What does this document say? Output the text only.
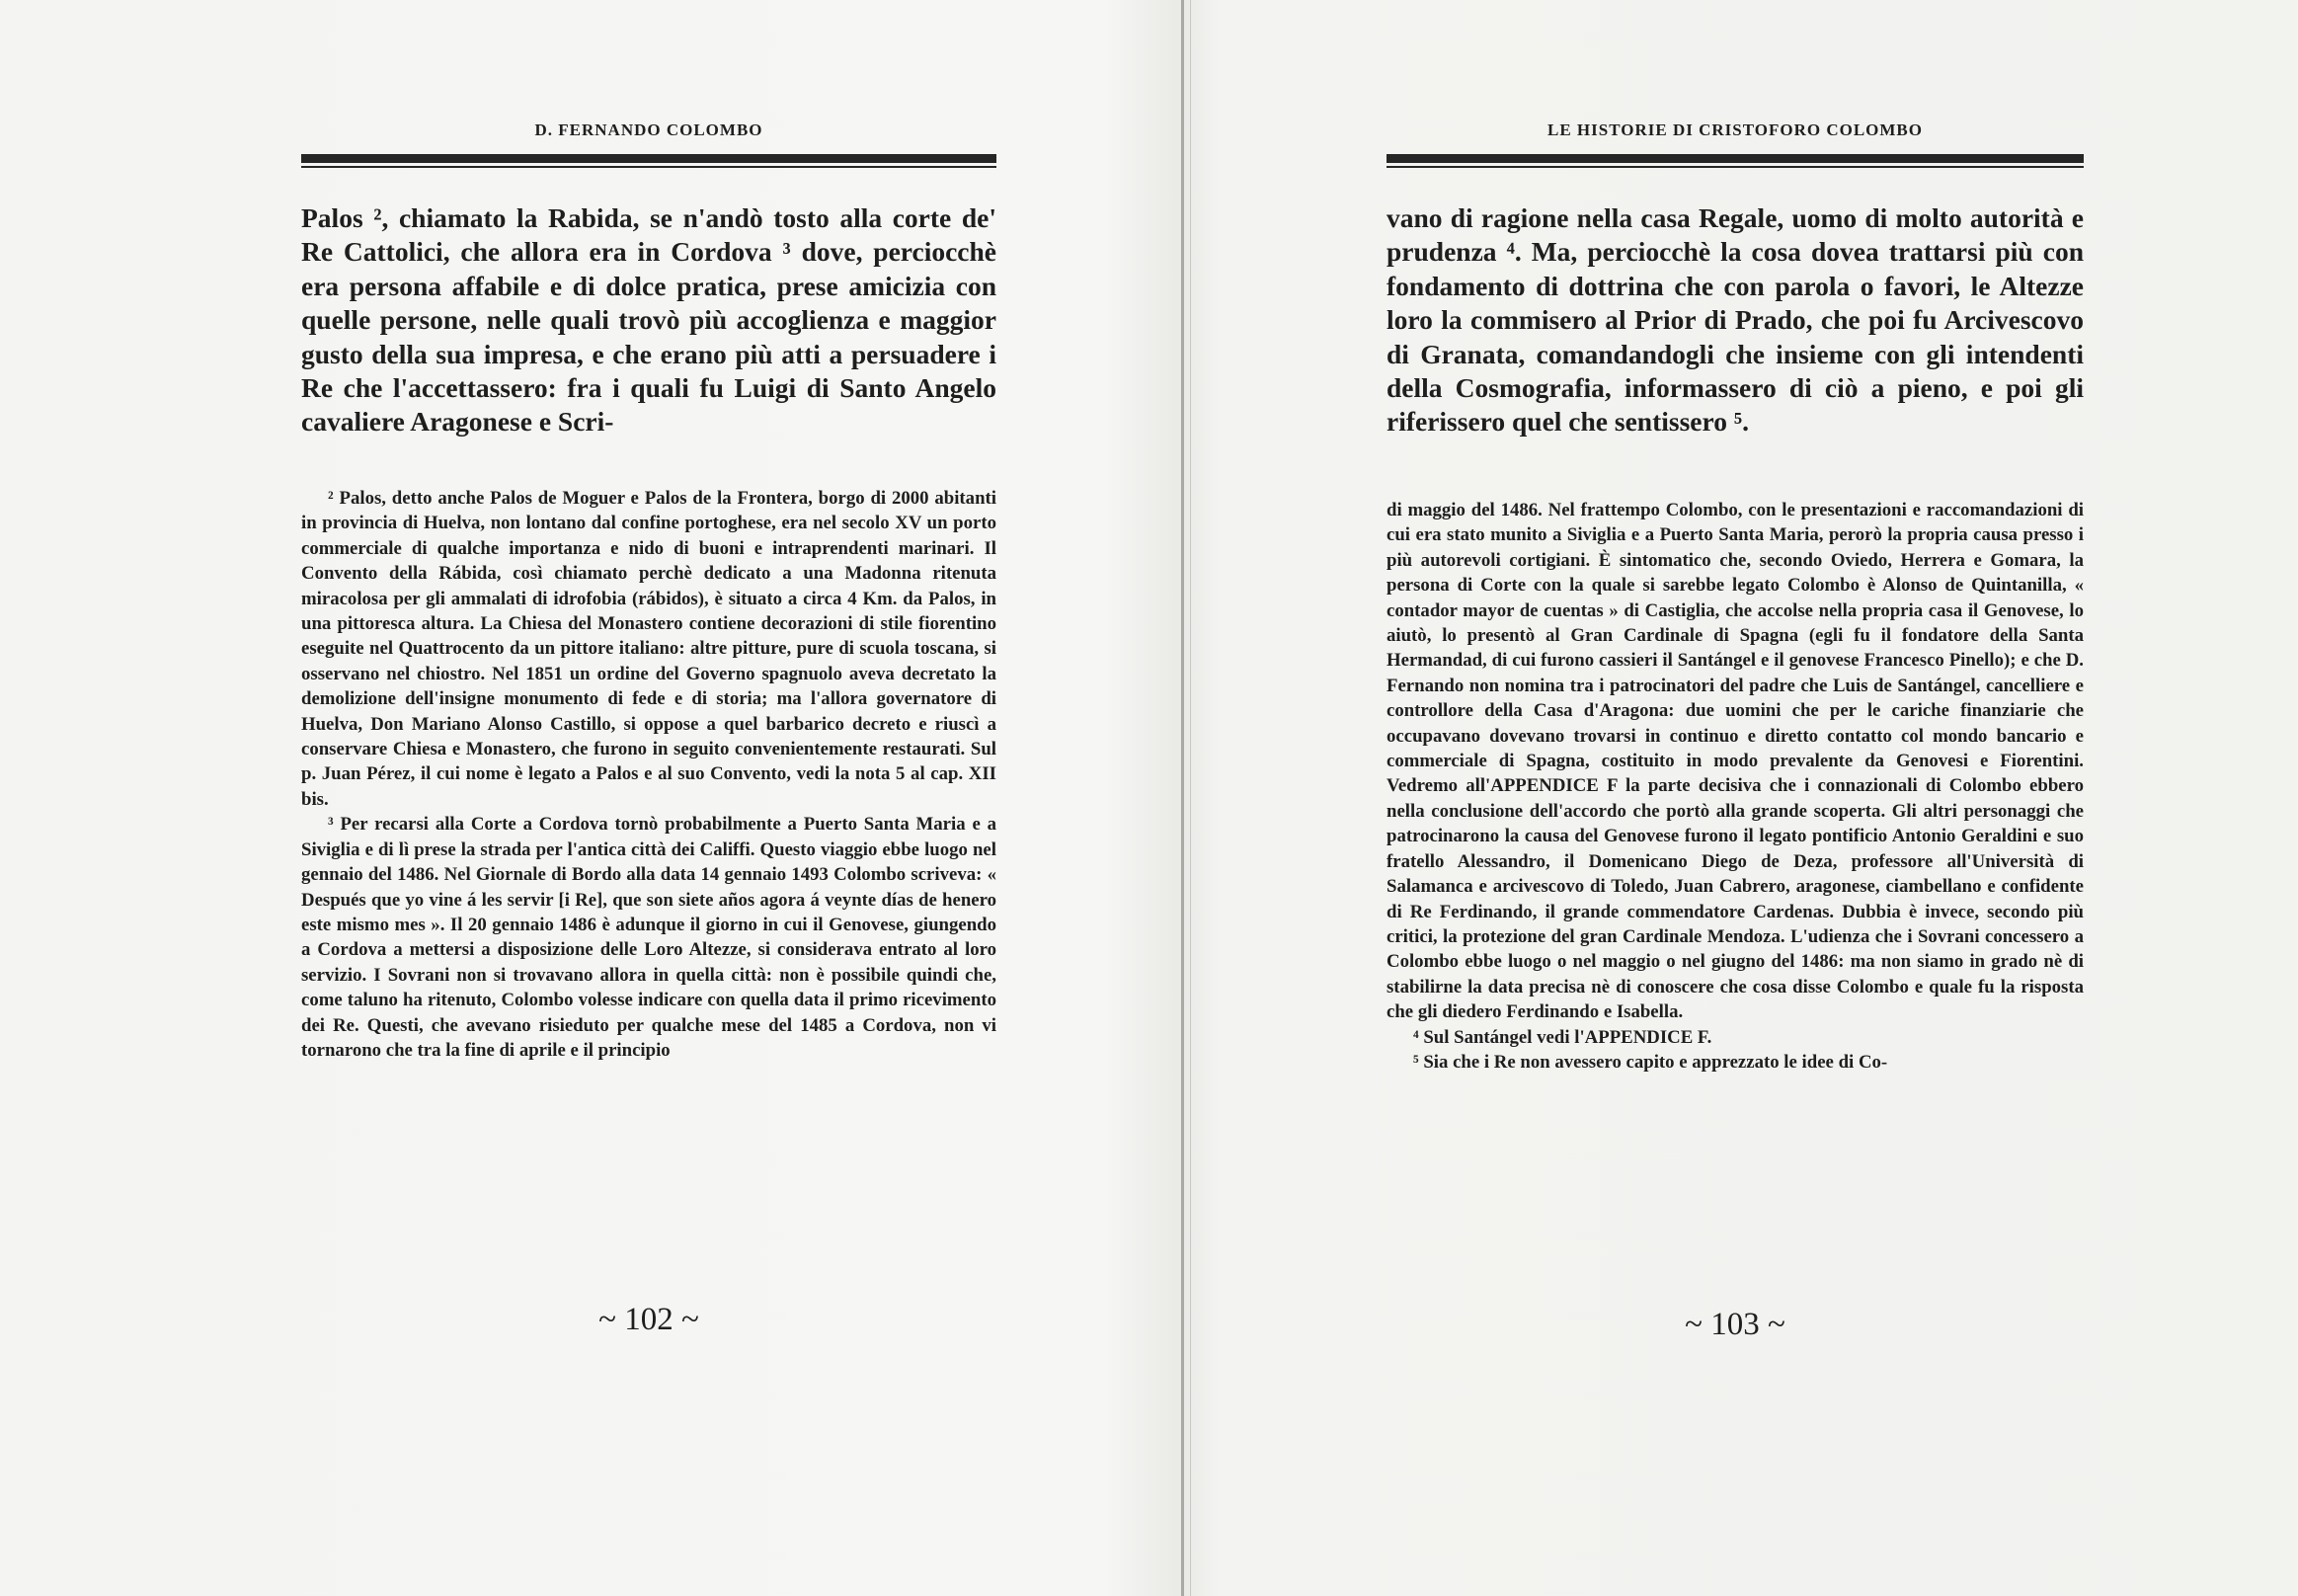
D. FERNANDO COLOMBO
Palos ², chiamato la Rabida, se n'andò tosto alla corte de' Re Cattolici, che allora era in Cordova ³ dove, perciocchè era persona affabile e di dolce pratica, prese amicizia con quelle persone, nelle quali trovò più accoglienza e maggior gusto della sua impresa, e che erano più atti a persuadere i Re che l'accettassero: fra i quali fu Luigi di Santo Angelo cavaliere Aragonese e Scri-

² Palos, detto anche Palos de Moguer e Palos de la Frontera, borgo di 2000 abitanti in provincia di Huelva, non lontano dal confine portoghese, era nel secolo XV un porto commerciale di qualche importanza e nido di buoni e intraprendenti marinari. Il Convento della Rábida, così chiamato perchè dedicato a una Madonna ritenuta miracolosa per gli ammalati di idrofobia (rábidos), è situato a circa 4 Km. da Palos, in una pittoresca altura. La Chiesa del Monastero contiene decorazioni di stile fiorentino eseguite nel Quattrocento da un pittore italiano: altre pitture, pure di scuola toscana, si osservano nel chiostro. Nel 1851 un ordine del Governo spagnuolo aveva decretato la demolizione dell'insigne monumento di fede e di storia; ma l'allora governatore di Huelva, Don Mariano Alonso Castillo, si oppose a quel barbarico decreto e riuscì a conservare Chiesa e Monastero, che furono in seguito convenientemente restaurati. Sul p. Juan Pérez, il cui nome è legato a Palos e al suo Convento, vedi la nota 5 al cap. XII bis.

³ Per recarsi alla Corte a Cordova tornò probabilmente a Puerto Santa Maria e a Siviglia e di lì prese la strada per l'antica città dei Califfi. Questo viaggio ebbe luogo nel gennaio del 1486. Nel Giornale di Bordo alla data 14 gennaio 1493 Colombo scriveva: « Después que yo vine á les servir [i Re], que son siete años agora á veynte días de henero este mismo mes ». Il 20 gennaio 1486 è adunque il giorno in cui il Genovese, giungendo a Cordova a mettersi a disposizione delle Loro Altezze, si considerava entrato al loro servizio. I Sovrani non si trovavano allora in quella città: non è possibile quindi che, come taluno ha ritenuto, Colombo volesse indicare con quella data il primo ricevimento dei Re. Questi, che avevano risieduto per qualche mese del 1485 a Cordova, non vi tornarono che tra la fine di aprile e il principio

~ 102 ~
LE HISTORIE DI CRISTOFORO COLOMBO
vano di ragione nella casa Regale, uomo di molto autorità e prudenza ⁴. Ma, perciocchè la cosa dovea trattarsi più con fondamento di dottrina che con parola o favori, le Altezze loro la commisero al Prior di Prado, che poi fu Arcivescovo di Granata, comandandogli che insieme con gli intendenti della Cosmografia, informassero di ciò a pieno, e poi gli riferissero quel che sentissero ⁵.

di maggio del 1486. Nel frattempo Colombo, con le presentazioni e raccomandazioni di cui era stato munito a Siviglia e a Puerto Santa Maria, perorò la propria causa presso i più autorevoli cortigiani. È sintomatico che, secondo Oviedo, Herrera e Gomara, la persona di Corte con la quale si sarebbe legato Colombo è Alonso de Quintanilla, « contador mayor de cuentas » di Castiglia, che accolse nella propria casa il Genovese, lo aiutò, lo presentò al Gran Cardinale di Spagna (egli fu il fondatore della Santa Hermandad, di cui furono cassieri il Santángel e il genovese Francesco Pinello); e che D. Fernando non nomina tra i patrocinatori del padre che Luis de Santángel, cancelliere e controllore della Casa d'Aragona: due uomini che per le cariche finanziarie che occupavano dovevano trovarsi in continuo e diretto contatto col mondo bancario e commerciale di Spagna, costituito in modo prevalente da Genovesi e Fiorentini. Vedremo all'APPENDICE F la parte decisiva che i connazionali di Colombo ebbero nella conclusione dell'accordo che portò alla grande scoperta. Gli altri personaggi che patrocinarono la causa del Genovese furono il legato pontificio Antonio Geraldini e suo fratello Alessandro, il Domenicano Diego de Deza, professore all'Università di Salamanca e arcivescovo di Toledo, Juan Cabrero, aragonese, ciambellano e confidente di Re Ferdinando, il grande commendatore Cardenas. Dubbia è invece, secondo più critici, la protezione del gran Cardinale Mendoza. L'udienza che i Sovrani concessero a Colombo ebbe luogo o nel maggio o nel giugno del 1486: ma non siamo in grado nè di stabilirne la data precisa nè di conoscere che cosa disse Colombo e quale fu la risposta che gli diedero Ferdinando e Isabella.

⁴ Sul Santángel vedi l'APPENDICE F.

⁵ Sia che i Re non avessero capito e apprezzato le idee di Co-

~ 103 ~
